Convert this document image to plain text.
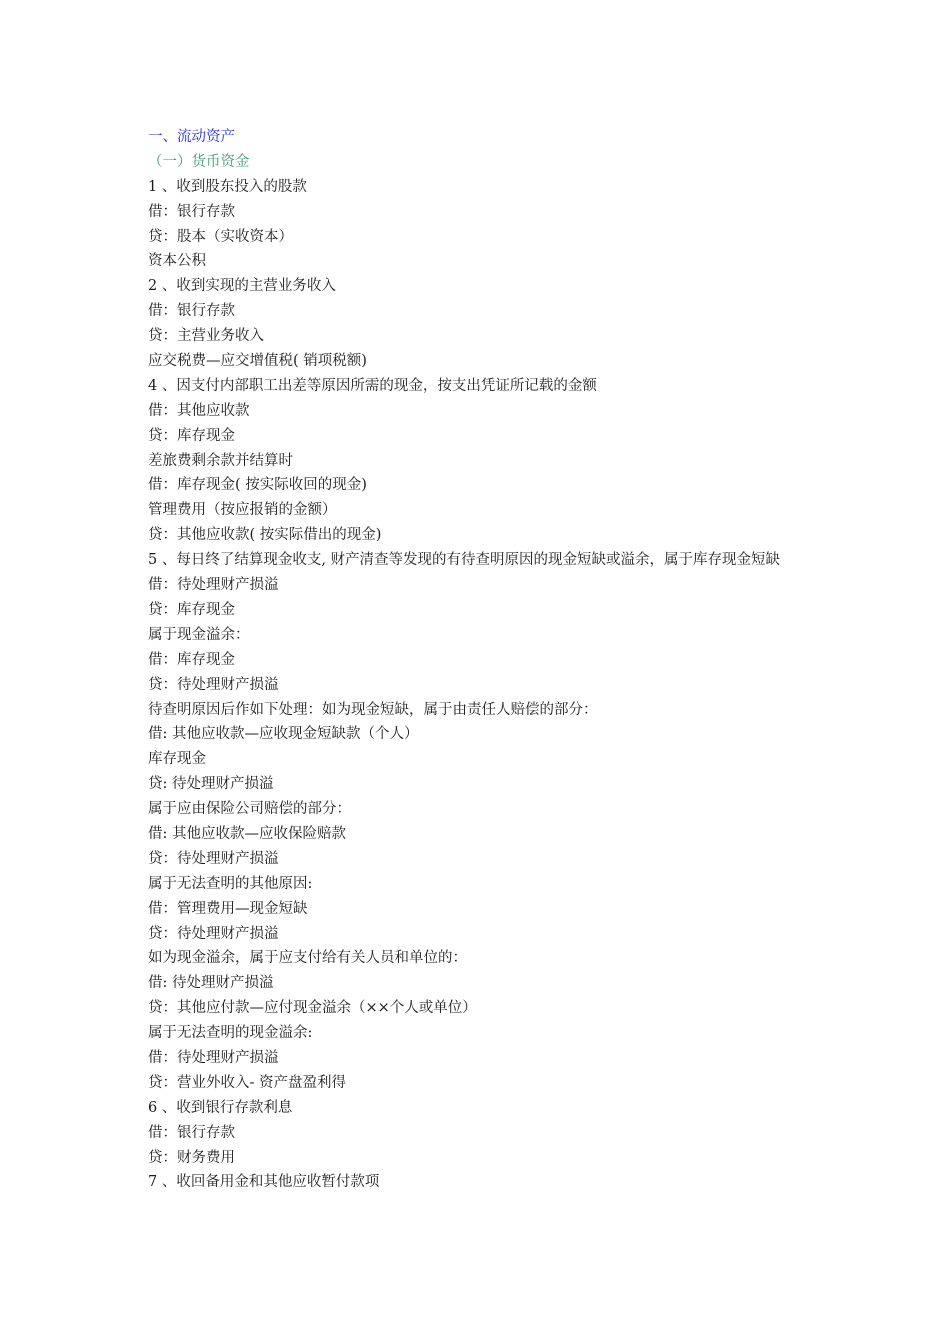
一、流动资产
（一）货币资金
1 、收到股东投入的股款
借：银行存款
贷：股本（实收资本）
资本公积
2 、收到实现的主营业务收入
借：银行存款
贷：主营业务收入
应交税费—应交增值税( 销项税额)
4 、因支付内部职工出差等原因所需的现金，按支出凭证所记载的金额
借：其他应收款
贷：库存现金
差旅费剩余款并结算时
借：库存现金( 按实际收回的现金)
管理费用（按应报销的金额）
贷：其他应收款( 按实际借出的现金)
5 、每日终了结算现金收支, 财产清查等发现的有待查明原因的现金短缺或溢余，属于库存现金短缺
借：待处理财产损溢
贷：库存现金
属于现金溢余：
借：库存现金
贷：待处理财产损溢
待查明原因后作如下处理：如为现金短缺，属于由责任人赔偿的部分：
借: 其他应收款—应收现金短缺款（个人）
库存现金
贷: 待处理财产损溢
属于应由保险公司赔偿的部分：
借: 其他应收款—应收保险赔款
贷：待处理财产损溢
属于无法查明的其他原因:
借：管理费用—现金短缺
贷：待处理财产损溢
如为现金溢余，属于应支付给有关人员和单位的：
借: 待处理财产损溢
贷：其他应付款—应付现金溢余（××个人或单位）
属于无法查明的现金溢余:
借：待处理财产损溢
贷：营业外收入- 资产盘盈利得
6 、收到银行存款利息
借：银行存款
贷：财务费用
7 、收回备用金和其他应收暂付款项
